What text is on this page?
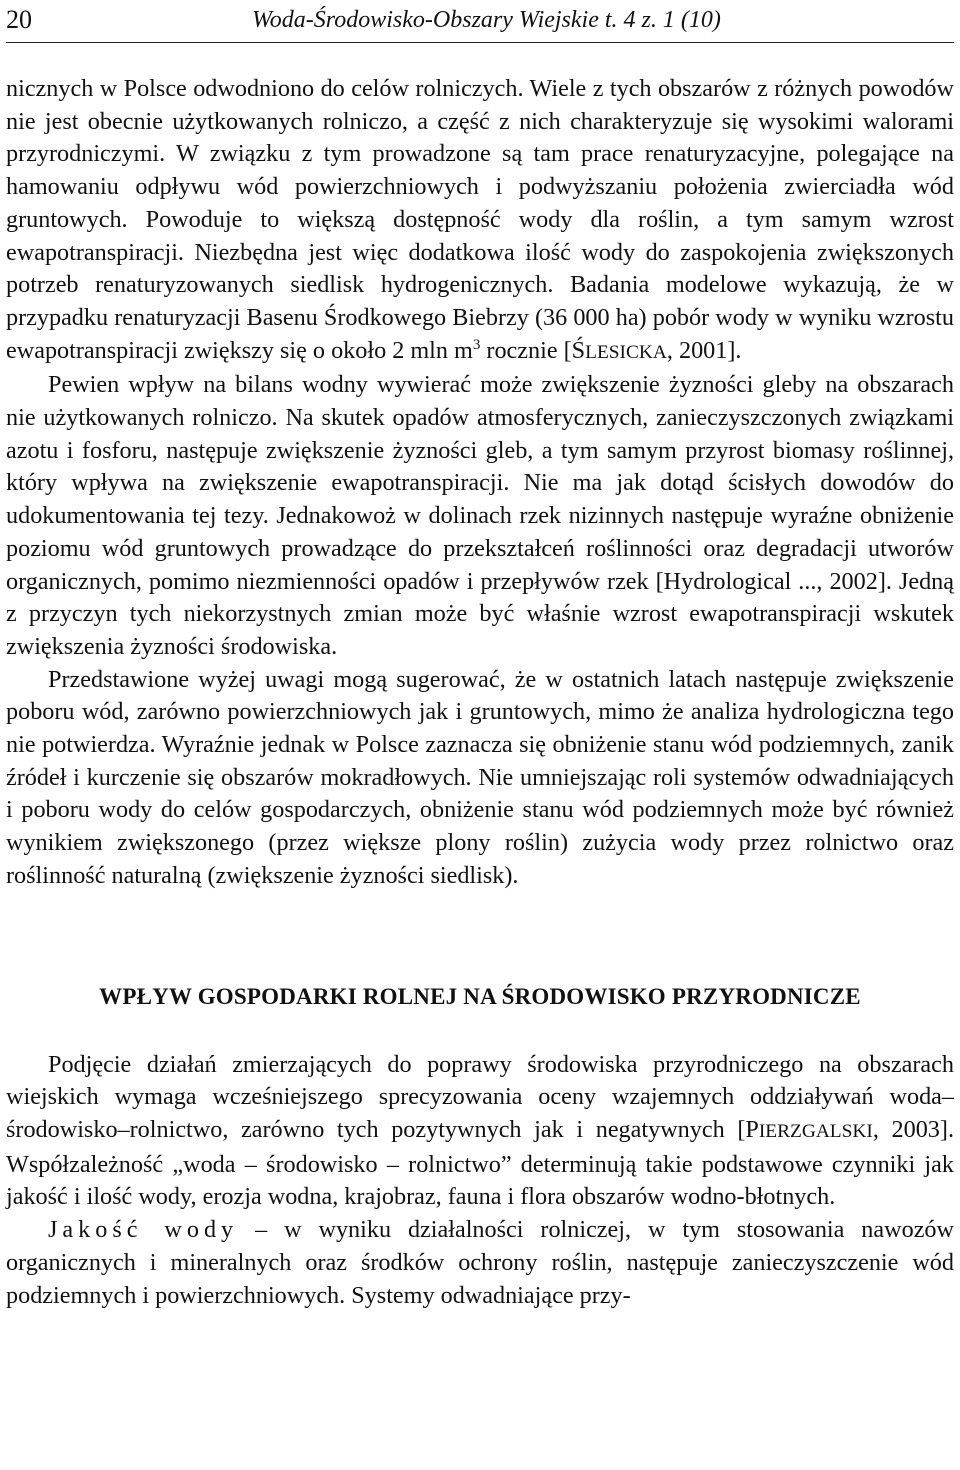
20	Woda-Środowisko-Obszary Wiejskie t. 4 z. 1 (10)

nicznych w Polsce odwodniono do celów rolniczych. Wiele z tych obszarów z różnych powodów nie jest obecnie użytkowanych rolniczo, a część z nich charakteryzuje się wysokimi walorami przyrodniczymi. W związku z tym prowadzone są tam prace renaturyzacyjne, polegające na hamowaniu odpływu wód powierzchniowych i podwyższaniu położenia zwierciadła wód gruntowych. Powoduje to większą dostępność wody dla roślin, a tym samym wzrost ewapotranspiracji. Niezbędna jest więc dodatkowa ilość wody do zaspokojenia zwiększonych potrzeb renaturyzowanych siedlisk hydrogenicznych. Badania modelowe wykazują, że w przypadku renaturyzacji Basenu Środkowego Biebrzy (36 000 ha) pobór wody w wyniku wzrostu ewapotranspiracji zwiększy się o około 2 mln $m^3$ rocznie [ŚLESICKA, 2001].

Pewien wpływ na bilans wodny wywierać może zwiększenie żyzności gleby na obszarach nie użytkowanych rolniczo. Na skutek opadów atmosferycznych, zanieczyszczonych związkami azotu i fosforu, następuje zwiększenie żyzności gleb, a tym samym przyrost biomasy roślinnej, który wpływa na zwiększenie ewapotranspiracji. Nie ma jak dotąd ścisłych dowodów do udokumentowania tej tezy. Jednakowoż w dolinach rzek nizinnych następuje wyraźne obniżenie poziomu wód gruntowych prowadzące do przekształceń roślinności oraz degradacji utworów organicznych, pomimo niezmienności opadów i przepływów rzek [Hydrological ..., 2002]. Jedną z przyczyn tych niekorzystnych zmian może być właśnie wzrost ewapotranspiracji wskutek zwiększenia żyzności środowiska.

Przedstawione wyżej uwagi mogą sugerować, że w ostatnich latach następuje zwiększenie poboru wód, zarówno powierzchniowych jak i gruntowych, mimo że analiza hydrologiczna tego nie potwierdza. Wyraźnie jednak w Polsce zaznacza się obniżenie stanu wód podziemnych, zanik źródeł i kurczenie się obszarów mokradłowych. Nie umniejszając roli systemów odwadniających i poboru wody do celów gospodarczych, obniżenie stanu wód podziemnych może być również wynikiem zwiększonego (przez większe plony roślin) zużycia wody przez rolnictwo oraz roślinność naturalną (zwiększenie żyzności siedlisk).

WPŁYW GOSPODARKI ROLNEJ NA ŚRODOWISKO PRZYRODNICZE

Podjęcie działań zmierzających do poprawy środowiska przyrodniczego na obszarach wiejskich wymaga wcześniejszego sprecyzowania oceny wzajemnych oddziaływań woda–środowisko–rolnictwo, zarówno tych pozytywnych jak i negatywnych [PIERZGALSKI, 2003]. Współzależność „woda – środowisko – rolnictwo” determinują takie podstawowe czynniki jak jakość i ilość wody, erozja wodna, krajobraz, fauna i flora obszarów wodno-błotnych.

Jakość wody – w wyniku działalności rolniczej, w tym stosowania nawozów organicznych i mineralnych oraz środków ochrony roślin, następuje zanieczyszczenie wód podziemnych i powierzchniowych. Systemy odwadniające przy-
